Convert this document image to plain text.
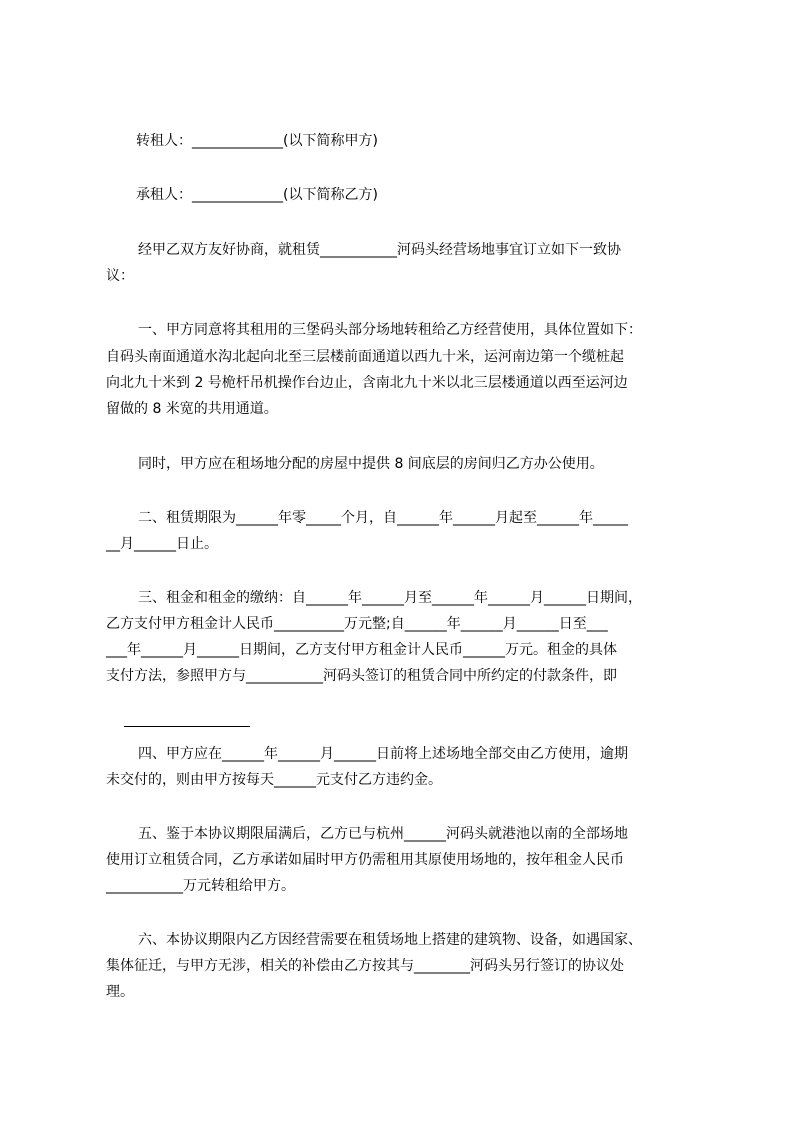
转租人：_____________(以下简称甲方)
承租人：_____________(以下简称乙方)
经甲乙双方友好协商，就租赁___________河码头经营场地事宜订立如下一致协
议：
一、甲方同意将其租用的三堡码头部分场地转租给乙方经营使用，具体位置如下：
自码头南面通道水沟北起向北至三层楼前面通道以西九十米，运河南边第一个缆桩起
向北九十米到 2 号桅杆吊机操作台边止，含南北九十米以北三层楼通道以西至运河边
留做的 8 米宽的共用通道。
同时，甲方应在租场地分配的房屋中提供 8 间底层的房间归乙方办公使用。
二、租赁期限为______年零_____个月，自______年______月起至______年_____
__月______日止。
三、租金和租金的缴纳：自______年______月至______年______月______日期间，
乙方支付甲方租金计人民币__________万元整;自______年______月______日至___
___年______月______日期间，乙方支付甲方租金计人民币______万元。租金的具体
支付方法，参照甲方与___________河码头签订的租赁合同中所约定的付款条件，即

四、甲方应在______年______月______日前将上述场地全部交由乙方使用，逾期
未交付的，则由甲方按每天______元支付乙方违约金。
五、鉴于本协议期限届满后，乙方已与杭州______河码头就港池以南的全部场地
使用订立租赁合同，乙方承诺如届时甲方仍需租用其原使用场地的，按年租金人民币
___________万元转租给甲方。
六、本协议期限内乙方因经营需要在租赁场地上搭建的建筑物、设备，如遇国家、
集体征迁，与甲方无涉，相关的补偿由乙方按其与________河码头另行签订的协议处
理。
